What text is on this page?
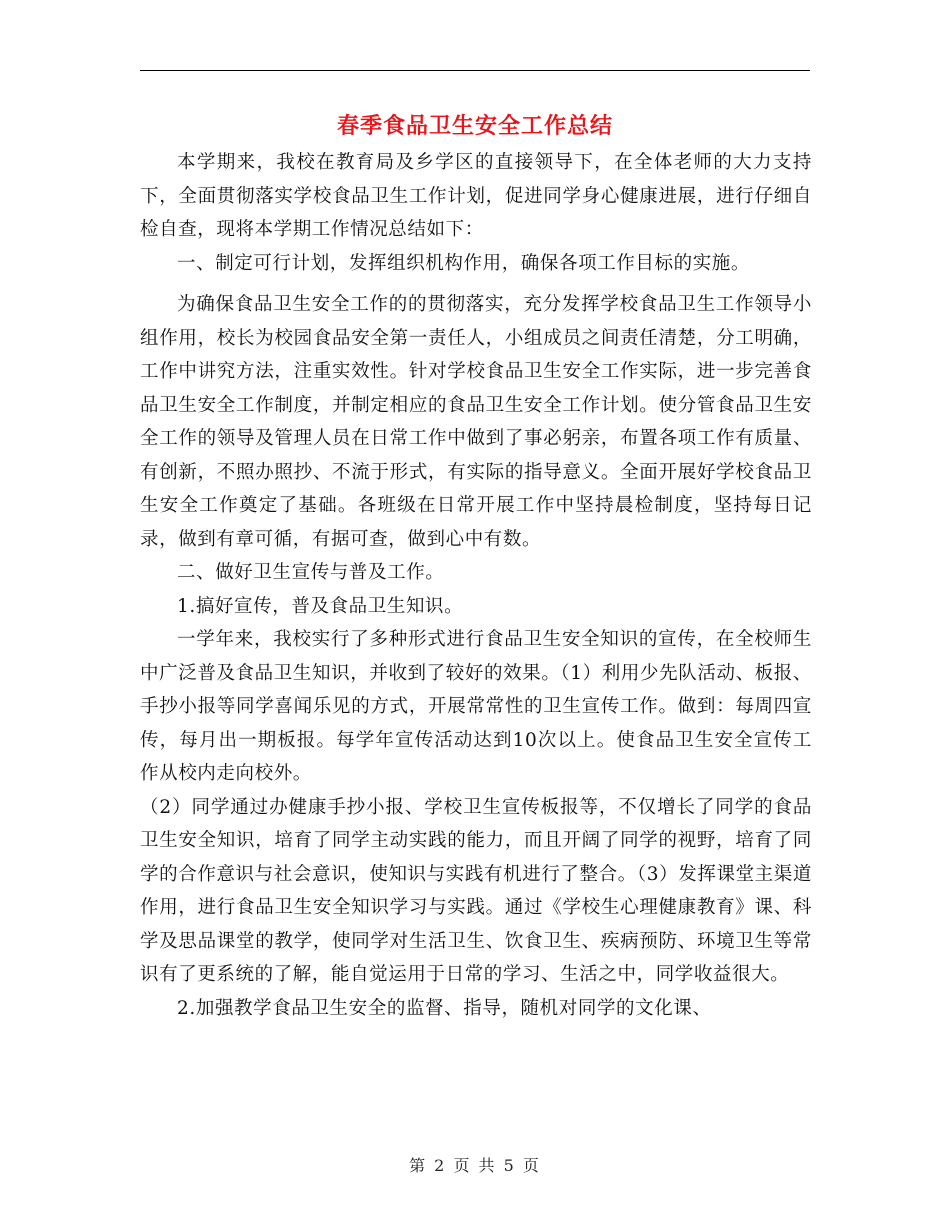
春季食品卫生安全工作总结

本学期来，我校在教育局及乡学区的直接领导下，在全体老师的大力支持下，全面贯彻落实学校食品卫生工作计划，促进同学身心健康进展，进行仔细自检自查，现将本学期工作情况总结如下：

一、制定可行计划，发挥组织机构作用，确保各项工作目标的实施。

为确保食品卫生安全工作的的贯彻落实，充分发挥学校食品卫生工作领导小组作用，校长为校园食品安全第一责任人，小组成员之间责任清楚，分工明确，工作中讲究方法，注重实效性。针对学校食品卫生安全工作实际，进一步完善食品卫生安全工作制度，并制定相应的食品卫生安全工作计划。使分管食品卫生安全工作的领导及管理人员在日常工作中做到了事必躬亲，布置各项工作有质量、有创新，不照办照抄、不流于形式，有实际的指导意义。全面开展好学校食品卫生安全工作奠定了基础。各班级在日常开展工作中坚持晨检制度，坚持每日记录，做到有章可循，有据可查，做到心中有数。

二、做好卫生宣传与普及工作。

1.搞好宣传，普及食品卫生知识。

一学年来，我校实行了多种形式进行食品卫生安全知识的宣传，在全校师生中广泛普及食品卫生知识，并收到了较好的效果。（1）利用少先队活动、板报、手抄小报等同学喜闻乐见的方式，开展常常性的卫生宣传工作。做到：每周四宣传，每月出一期板报。每学年宣传活动达到10次以上。使食品卫生安全宣传工作从校内走向校外。

（2）同学通过办健康手抄小报、学校卫生宣传板报等，不仅增长了同学的食品卫生安全知识，培育了同学主动实践的能力，而且开阔了同学的视野，培育了同学的合作意识与社会意识，使知识与实践有机进行了整合。（3）发挥课堂主渠道作用，进行食品卫生安全知识学习与实践。通过《学校生心理健康教育》课、科学及思品课堂的教学，使同学对生活卫生、饮食卫生、疾病预防、环境卫生等常识有了更系统的了解，能自觉运用于日常的学习、生活之中，同学收益很大。

2.加强教学食品卫生安全的监督、指导，随机对同学的文化课、

第 2 页 共 5 页
